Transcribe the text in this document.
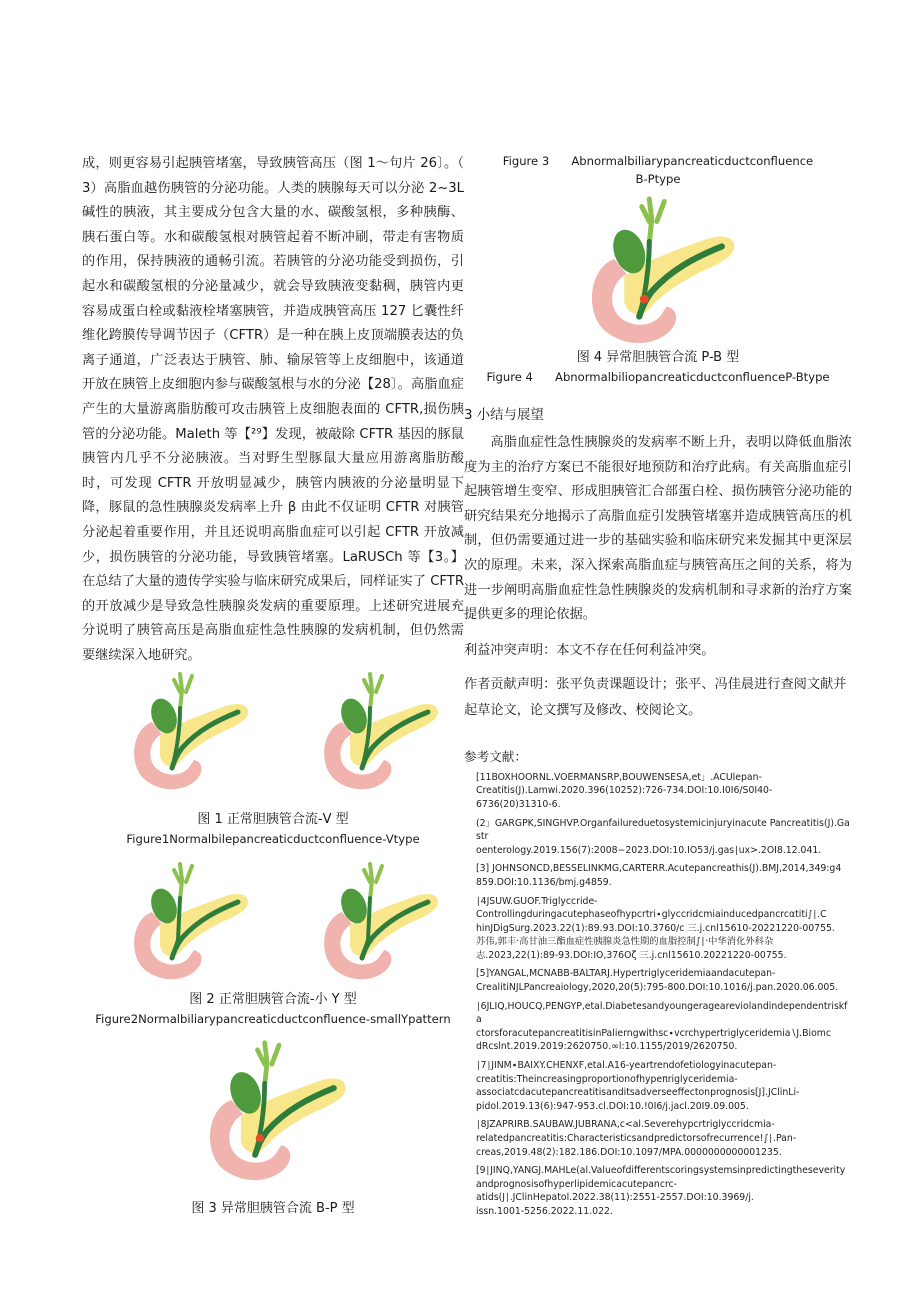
成，则更容易引起胰管堵塞，导致胰管高压（图 1〜句片 26〕。（ 3）高脂血越伤胰管的分泌功能。人类的胰腺每天可以分泌 2~3L 碱性的胰液，其主要成分包含大量的水、碳酸氢根，多种胰酶、胰石蛋白等。水和碳酸氢根对胰管起着不断冲刷，带走有害物质的作用，保持胰液的通畅引流。若胰管的分泌功能受到损伤，引起水和碳酸氢根的分泌量减少，就会导致胰液变黏稠，胰管内更容易成蛋白栓或黏液栓堵塞胰管，并造成胰管高压 127 匕囊性纤维化跨膜传导调节因子（CFTR）是一种在胰上皮顶端膜表达的负离子通道，广泛表达于胰管、肺、输尿管等上皮细胞中，该通道开放在胰管上皮细胞内参与碳酸氢根与水的分泌【28〕。高脂血症产生的大量游离脂肪酸可攻击胰管上皮细胞表面的 CFTR,损伤胰管的分泌功能。Maleth 等【²⁹】发现，被敲除 CFTR 基因的豚鼠胰管内几乎不分泌胰液。当对野生型豚鼠大量应用游离脂肪酸时，可发现 CFTR 开放明显减少，胰管内胰液的分泌量明显下降，豚鼠的急性胰腺炎发病率上升 β 由此不仅证明 CFTR 对胰管分泌起着重要作用，并且还说明高脂血症可以引起 CFTR 开放减少，损伤胰管的分泌功能，导致胰管堵塞。LaRUSCh 等【3。】在总结了大量的遗传学实验与临床研究成果后，同样证实了 CFTR 的开放减少是导致急性胰腺炎发病的重要原理。上述研究进展充分说明了胰管高压是高脂血症性急性胰腺的发病机制，但仍然需要继续深入地研究。

图 1 正常胆胰管合流-V 型
Figure1Normalbilepancreaticductconfluence-Vtype
图 2 正常胆胰管合流-小 Y 型
Figure2Normalbiliarypancreaticductconfluence-smallYpattern
图 3 异常胆胰管合流 B-P 型
Figure 3      Abnormalbiliarypancreaticductconfluence
B-Ptype
图 4 异常胆胰管合流 P-B 型
Figure 4      AbnormalbiliopancreaticductconfluenceP-Btype
3 小结与展望

高脂血症性急性胰腺炎的发病率不断上升，表明以降低血脂浓度为主的治疗方案已不能很好地预防和治疗此病。有关高脂血症引起胰管增生变窄、形成胆胰管汇合部蛋白栓、损伤胰管分泌功能的研究结果充分地揭示了高脂血症引发胰管堵塞并造成胰管高压的机制，但仍需要通过进一步的基础实验和临床研究来发掘其中更深层次的原理。未来，深入探索高脂血症与胰管高压之间的关系，将为进一步阐明高脂血症性急性胰腺炎的发病机制和寻求新的治疗方案提供更多的理论依据。

利益冲突声明：本文不存在任何利益冲突。

作者贡献声明：张平负责课题设计；张平、冯佳晨进行查阅文献并起草论文，论文撰写及修改、校阅论文。

参考文献：
[11BOXHOORNL.VOERMANSRP,BOUWENSESA,et」.ACUlepan-
Creatitis(J).Lamwi.2020.396(10252):726-734.DOI:10.I0I6/S0I40-
6736(20)31310-6.
(2」GARGPK,SINGHVP.Organfailureduetosystemicinjuryinacute Pancreatitis(J).Gastr
oenterology.2019.156(7):2008−2023.DOI:10.IO53∕j.gas∣ux>.2OI8.12.041.
[3] JOHNSONCD,BESSELINKMG,CARTERR.Acutepancreathis(J).BMJ,2014,349:g4
859.DOI:10.1136/bmj.g4859.
∣4JSUW.GUOF.Triglyccride-
Controllingduringacutephaseofhypcrtri∙glyccridcmiainducedpancrcαtiti∫∣.C
hinJDigSurg.2023.22(1):89.93.DOI:10.3760∕c 三.j.cnl15610-20221220-00755.
苏伟,郭丰·高甘油三酯血症性胰腺炎急性期的血脂控制∫∣·中华消化外科杂
志.2023,22(1):89-93.DOI:IO,376Oζ 三.j.cnl15610.20221220-00755.
[5]YANGAL,MCNABB-BALTARJ.Hypertriglyceridemiaandacutepan-
CrealitiNJLPancreaiology,2020,20(5):795-800.DOI:10.1016/j.pan.2020.06.005.
∣6JLIQ,HOUCQ,PENGYP,etal.Diabetesandyoungerageareviolandindependentriskfa
ctorsforacutepancreatitisinPalierngwithsc∙vcrchypertriglyceridemia∖J.Biomc
dRcslnt.2019.2019:2620750.∞l:10.1155/2019/2620750.
∣7∣JINM∙BAIXY.CHENXF,etal.A16-yeartrendofetiologyinacutepan-
creatitis:Theincreasingproportionofhypeπriglyceridemia-
associatcdacutepancreatitisanditsadverseeffectonprognosis[J].JClinLi-
pidol.2019.13(6):947-953.cl.DOI:10.!0I6∕j.jacl.20I9.09.005.
∣8JZAPRIRB.SAUBAW.JUBRANA,c<al.Severehypcrtriglyccridcmia-
relatedpancreatitis:Characteristicsandpredictorsofrecurrence!∫∣.Pan-
creas,2019.48(2):182.186.DOI:10.1097/MPA.0000000000001235.
[9∣JINQ,YANGJ.MAHLe(al.Valueofdifferentscoringsystemsinpredictingtheseverity
andprognosisofhyperlipidemicacutepancrc-
atids(J∣.JClinHepatol.2022.38(11):2551-2557.DOI:10.3969/j.
issn.1001-5256.2022.11.022.
